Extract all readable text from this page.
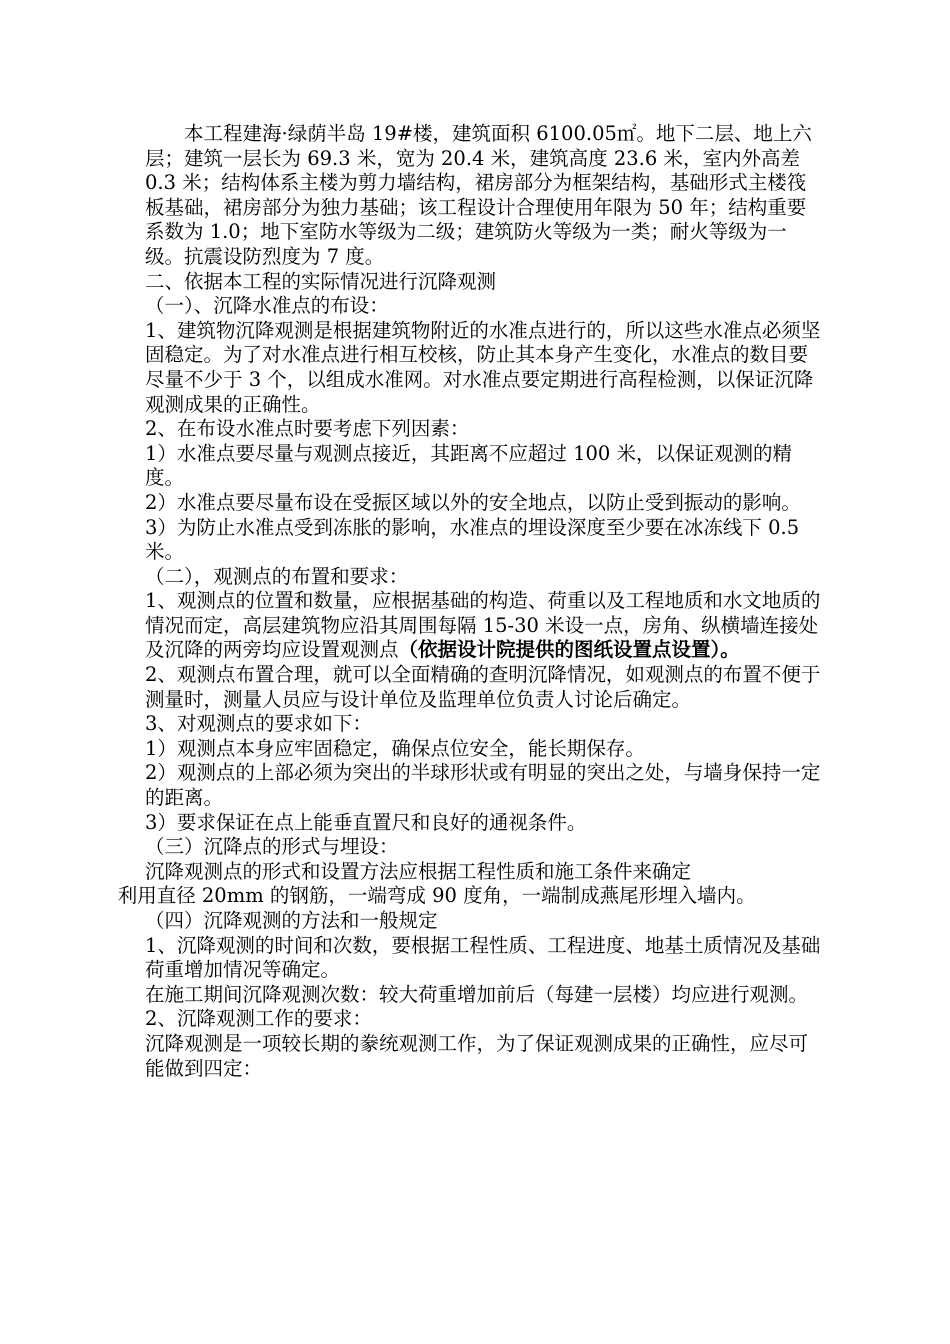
本工程建海·绿荫半岛 19#楼，建筑面积 6100.05㎡。地下二层、地上六层；建筑一层长为 69.3 米，宽为 20.4 米，建筑高度 23.6 米，室内外高差 0.3 米；结构体系主楼为剪力墙结构，裙房部分为框架结构，基础形式主楼筏板基础，裙房部分为独力基础；该工程设计合理使用年限为 50 年；结构重要系数为 1.0；地下室防水等级为二级；建筑防火等级为一类；耐火等级为一级。抗震设防烈度为 7 度。

二、依据本工程的实际情况进行沉降观测

（一）、沉降水准点的布设：

1、建筑物沉降观测是根据建筑物附近的水准点进行的，所以这些水准点必须坚固稳定。为了对水准点进行相互校核，防止其本身产生变化，水准点的数目要尽量不少于 3 个，以组成水准网。对水准点要定期进行高程检测，以保证沉降观测成果的正确性。

2、在布设水准点时要考虑下列因素：

1）水准点要尽量与观测点接近，其距离不应超过 100 米，以保证观测的精度。

2）水准点要尽量布设在受振区域以外的安全地点，以防止受到振动的影响。

3）为防止水准点受到冻胀的影响，水准点的埋设深度至少要在冰冻线下 0.5 米。

（二），观测点的布置和要求：

1、观测点的位置和数量，应根据基础的构造、荷重以及工程地质和水文地质的情况而定，高层建筑物应沿其周围每隔 15-30 米设一点，房角、纵横墙连接处及沉降的两旁均应设置观测点（依据设计院提供的图纸设置点设置）。

2、观测点布置合理，就可以全面精确的查明沉降情况，如观测点的布置不便于测量时，测量人员应与设计单位及监理单位负责人讨论后确定。

3、对观测点的要求如下：

1）观测点本身应牢固稳定，确保点位安全，能长期保存。

2）观测点的上部必须为突出的半球形状或有明显的突出之处，与墙身保持一定的距离。

3）要求保证在点上能垂直置尺和良好的通视条件。

（三）沉降点的形式与埋设：

沉降观测点的形式和设置方法应根据工程性质和施工条件来确定

利用直径 20mm 的钢筋，一端弯成 90 度角，一端制成燕尾形埋入墙内。

（四）沉降观测的方法和一般规定

1、沉降观测的时间和次数，要根据工程性质、工程进度、地基土质情况及基础荷重增加情况等确定。

在施工期间沉降观测次数：较大荷重增加前后（每建一层楼）均应进行观测。

2、沉降观测工作的要求：

沉降观测是一项较长期的豢统观测工作，为了保证观测成果的正确性，应尽可能做到四定：
